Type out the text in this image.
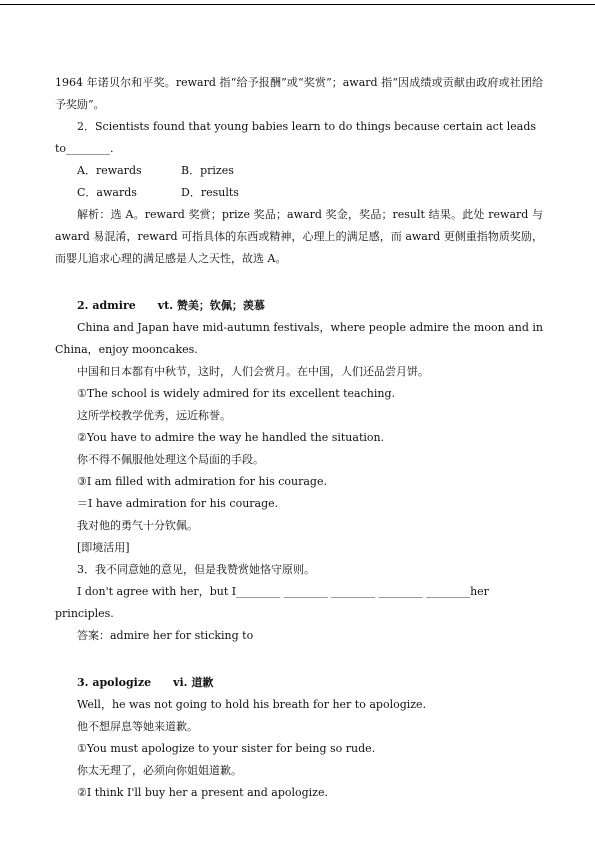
1964 年诺贝尔和平奖。reward 指“给予报酬”或“奖赏”；award 指“因成绩或贡献由政府或社团给予奖励”。

2．Scientists found that young babies learn to do things because certain act leads to________.

A．rewards	B．prizes
C．awards	D．results

解析：选 A。reward 奖赏；prize 奖品；award 奖金，奖品；result 结果。此处 reward 与 award 易混淆，reward 可指具体的东西或精神，心理上的满足感，而 award 更侧重指物质奖励，而婴儿追求心理的满足感是人之天性，故选 A。

2. admire vt. 赞美；钦佩；羡慕

China and Japan have mid-autumn festivals，where people admire the moon and in China，enjoy mooncakes.

中国和日本都有中秋节，这时，人们会赏月。在中国，人们还品尝月饼。

①The school is widely admired for its excellent teaching.

这所学校教学优秀，远近称誉。

②You have to admire the way he handled the situation.

你不得不佩服他处理这个局面的手段。

③I am filled with admiration for his courage.

＝I have admiration for his courage.

我对他的勇气十分钦佩。

[即境活用]

3．我不同意她的意见，但是我赞赏她恪守原则。

I don't agree with her，but I________ ________ ________ ________ ________her principles.

答案：admire her for sticking to

3. apologize vi. 道歉

Well，he was not going to hold his breath for her to apologize.

他不想屏息等她来道歉。

①You must apologize to your sister for being so rude.

你太无理了，必须向你姐姐道歉。

②I think I'll buy her a present and apologize.
